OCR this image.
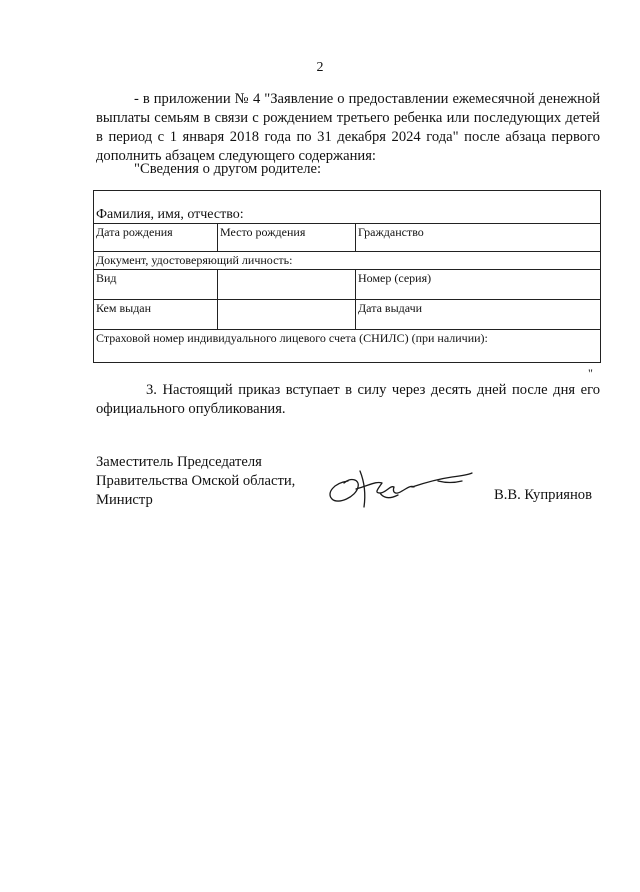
2
- в приложении № 4 "Заявление о предоставлении ежемесячной денежной выплаты семьям в связи с рождением третьего ребенка или последующих детей в период с 1 января 2018 года по 31 декабря 2024 года" после абзаца первого дополнить абзацем следующего содержания:
"Сведения о другом родителе:
Фамилия, имя, отчество:		
Дата рождения	Место рождения	Гражданство
Документ, удостоверяющий личность:		
Вид		Номер (серия)
Кем выдан		Дата выдачи
Страховой номер индивидуального лицевого счета (СНИЛС) (при наличии):		
"
3. Настоящий приказ вступает в силу через десять дней после дня его официального опубликования.
Заместитель Председателя
Правительства Омской области,
Министр	В.В. Куприянов
